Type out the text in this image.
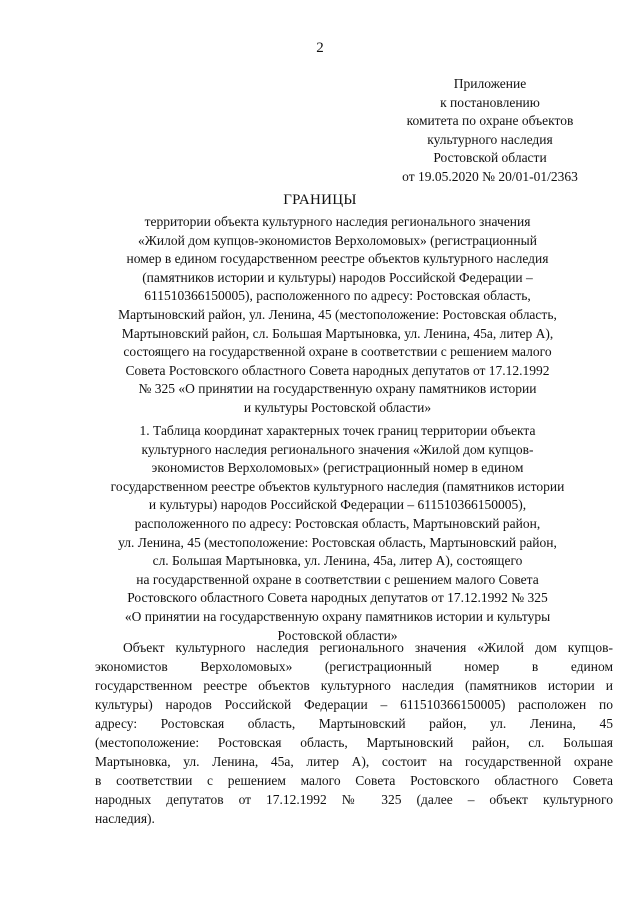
2
Приложение
к постановлению
комитета по охране объектов
культурного наследия
Ростовской области
от 19.05.2020 № 20/01-01/2363
ГРАНИЦЫ
территории объекта культурного наследия регионального значения
«Жилой дом купцов-экономистов Верхоломовых» (регистрационный
номер в едином государственном реестре объектов культурного наследия
(памятников истории и культуры) народов Российской Федерации –
611510366150005), расположенного по адресу: Ростовская область,
Мартыновский район, ул. Ленина, 45 (местоположение: Ростовская область,
Мартыновский район, сл. Большая Мартыновка, ул. Ленина, 45а, литер А),
состоящего на государственной охране в соответствии с решением малого
Совета Ростовского областного Совета народных депутатов от 17.12.1992
№ 325 «О принятии на государственную охрану памятников истории
и культуры Ростовской области»
1. Таблица координат характерных точек границ территории объекта
культурного наследия регионального значения «Жилой дом купцов-
экономистов Верхоломовых» (регистрационный номер в едином
государственном реестре объектов культурного наследия (памятников истории
и культуры) народов Российской Федерации – 611510366150005),
расположенного по адресу: Ростовская область, Мартыновский район,
ул. Ленина, 45 (местоположение: Ростовская область, Мартыновский район,
сл. Большая Мартыновка, ул. Ленина, 45а, литер А), состоящего
на государственной охране в соответствии с решением малого Совета
Ростовского областного Совета народных депутатов от 17.12.1992 № 325
«О принятии на государственную охрану памятников истории и культуры
Ростовской области»
Объект культурного наследия регионального значения «Жилой дом купцов-
экономистов Верхоломовых» (регистрационный номер в едином
государственном реестре объектов культурного наследия (памятников истории и
культуры) народов Российской Федерации – 611510366150005) расположен по
адресу: Ростовская область, Мартыновский район, ул. Ленина, 45
(местоположение: Ростовская область, Мартыновский район, сл. Большая
Мартыновка, ул. Ленина, 45а, литер А), состоит на государственной охране
в соответствии с решением малого Совета Ростовского областного Совета
народных депутатов от 17.12.1992 № 325 (далее – объект культурного
наследия).
